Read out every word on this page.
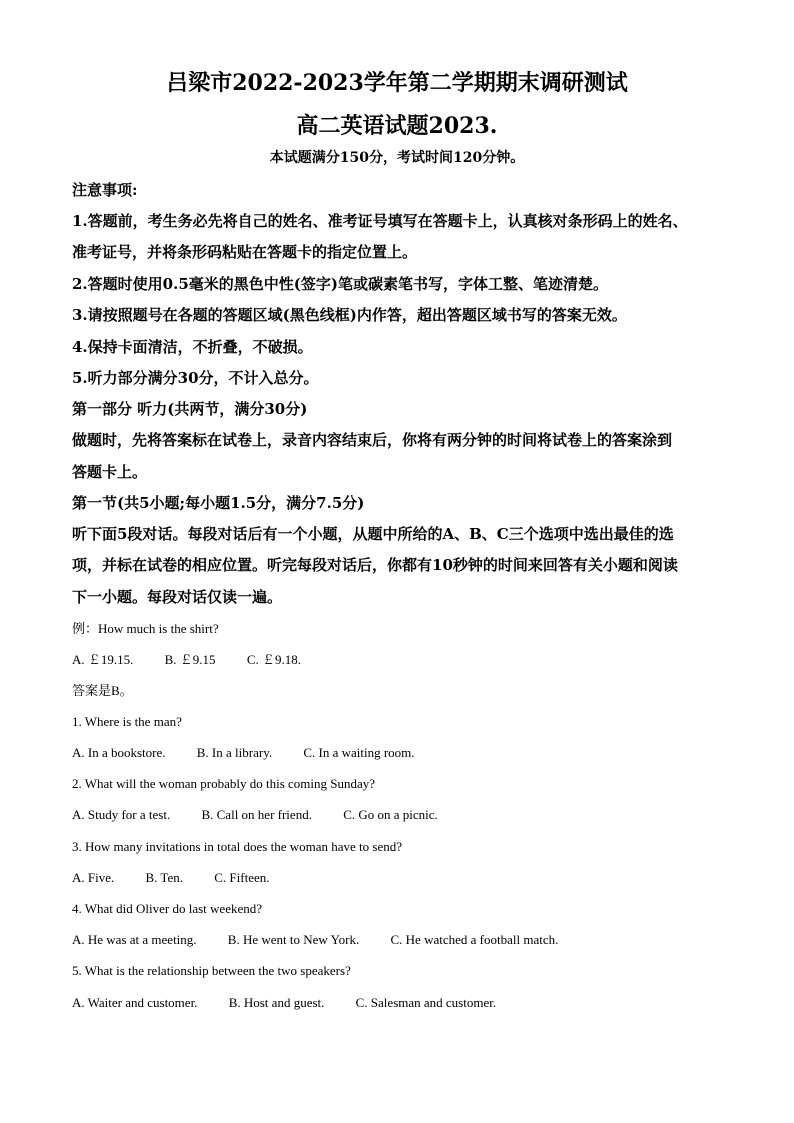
吕梁市2022-2023学年第二学期期末调研测试
高二英语试题2023.
本试题满分150分，考试时间120分钟。
注意事项:
1.答题前，考生务必先将自己的姓名、准考证号填写在答题卡上，认真核对条形码上的姓名、
准考证号，并将条形码粘贴在答题卡的指定位置上。
2.答题时使用0.5毫米的黑色中性(签字)笔或碳素笔书写，字体工整、笔迹清楚。
3.请按照题号在各题的答题区域(黑色线框)内作答，超出答题区域书写的答案无效。
4.保持卡面清洁，不折叠，不破损。
5.听力部分满分30分，不计入总分。
第一部分 听力(共两节，满分30分)
做题时，先将答案标在试卷上，录音内容结束后，你将有两分钟的时间将试卷上的答案涂到
答题卡上。
第一节(共5小题;每小题1.5分，满分7.5分)
听下面5段对话。每段对话后有一个小题，从题中所给的A、B、C三个选项中选出最佳的选
项，并标在试卷的相应位置。听完每段对话后，你都有10秒钟的时间来回答有关小题和阅读
下一小题。每段对话仅读一遍。
例：How much is the shirt?
A. ￡19.15. B. ￡9.15 C. ￡9.18.
答案是B。
1. Where is the man?
A. In a bookstore. B. In a library. C. In a waiting room.
2. What will the woman probably do this coming Sunday?
A. Study for a test. B. Call on her friend. C. Go on a picnic.
3. How many invitations in total does the woman have to send?
A. Five. B. Ten. C. Fifteen.
4. What did Oliver do last weekend?
A. He was at a meeting. B. He went to New York. C. He watched a football match.
5. What is the relationship between the two speakers?
A. Waiter and customer. B. Host and guest. C. Salesman and customer.
